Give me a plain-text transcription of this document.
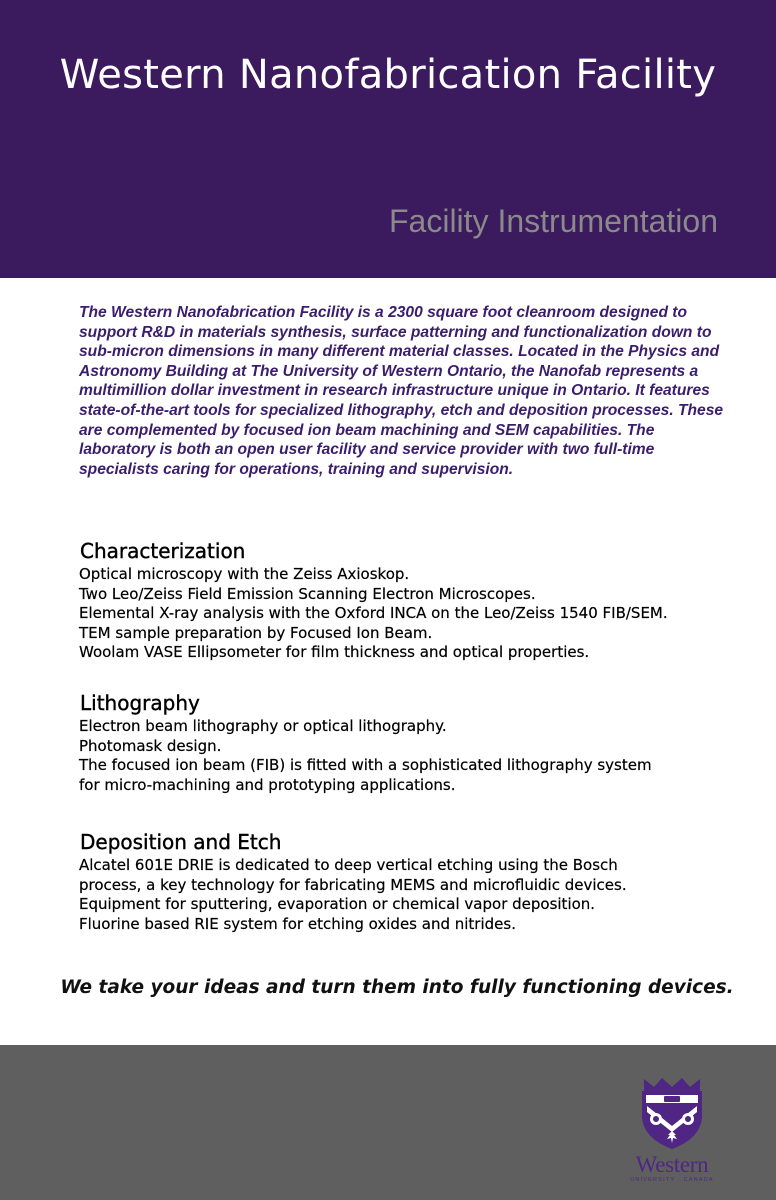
Western Nanofabrication Facility
Facility Instrumentation
The Western Nanofabrication Facility is a 2300 square foot cleanroom designed to support R&D in materials synthesis, surface patterning and functionalization down to sub-micron dimensions in many different material classes. Located in the Physics and Astronomy Building at The University of Western Ontario, the Nanofab represents a multimillion dollar investment in research infrastructure unique in Ontario. It features state-of-the-art tools for specialized lithography, etch and deposition processes. These are complemented by focused ion beam machining and SEM capabilities. The laboratory is both an open user facility and service provider with two full-time specialists caring for operations, training and supervision.
Characterization
Optical microscopy with the Zeiss Axioskop.
Two Leo/Zeiss Field Emission Scanning Electron Microscopes.
Elemental X-ray analysis with the Oxford INCA on the Leo/Zeiss 1540 FIB/SEM.
TEM sample preparation by Focused Ion Beam.
Woolam VASE Ellipsometer for film thickness and optical properties.
Lithography
Electron beam lithography or optical lithography.
Photomask design.
The focused ion beam (FIB) is fitted with a sophisticated lithography system
for micro-machining and prototyping applications.
Deposition and Etch
Alcatel 601E DRIE is dedicated to deep vertical etching using the Bosch
process, a key technology for fabricating MEMS and microfluidic devices.
Equipment for sputtering, evaporation or chemical vapor deposition.
Fluorine based RIE system for etching oxides and nitrides.
We take your ideas and turn them into fully functioning devices.
Western
UNIVERSITY · CANADA
